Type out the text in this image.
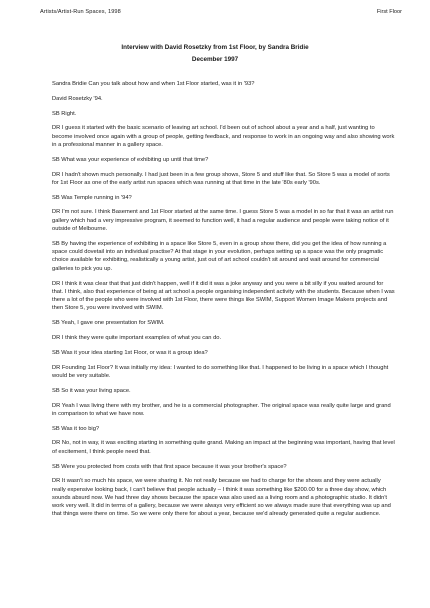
Artists/Artist-Run Spaces, 1998	First Floor
Interview with David Rosetzky from 1st Floor, by Sandra Bridie
December 1997

Sandra Bridie Can you talk about how and when 1st Floor started, was it in '93?

David Rosetzky '94.

SB Right.

DR I guess it started with the basic scenario of leaving art school. I'd been out of school about a year and a half, just wanting to become involved once again with a group of people, getting feedback, and response to work in an ongoing way and also showing work in a professional manner in a gallery space.

SB What was your experience of exhibiting up until that time?

DR I hadn't shown much personally. I had just been in a few group shows, Store 5 and stuff like that. So Store 5 was a model of sorts for 1st Floor as one of the early artist run spaces which was running at that time in the late '80s early '90s.

SB Was Temple running in '94?

DR I'm not sure. I think Basement and 1st Floor started at the same time. I guess Store 5 was a model in so far that it was an artist run gallery which had a very impressive program, it seemed to function well, it had a regular audience and people were taking notice of it outside of Melbourne.

SB By having the experience of exhibiting in a space like Store 5, even in a group show there, did you get the idea of how running a space could dovetail into an individual practise? At that stage in your evolution, perhaps setting up a space was the only pragmatic choice available for exhibiting, realistically a young artist, just out of art school couldn't sit around and wait around for commercial galleries to pick you up.

DR I think it was clear that that just didn't happen, well if it did it was a joke anyway and you were a bit silly if you waited around for that. I think, also that experience of being at art school a people organising independent activity with the students. Because when I was there a lot of the people who were involved with 1st Floor, there were things like SWIM, Support Women Image Makers projects and then Store 5, you were involved with SWIM.

SB Yeah, I gave one presentation for SWIM.

DR I think they were quite important examples of what you can do.

SB Was it your idea starting 1st Floor, or was it a group idea?

DR Founding 1st Floor? It was initially my idea: I wanted to do something like that. I happened to be living in a space which I thought would be very suitable.

SB So it was your living space.

DR Yeah I was living there with my brother, and he is a commercial photographer. The original space was really quite large and grand in comparison to what we have now.

SB Was it too big?

DR No, not in way, it was exciting starting in something quite grand. Making an impact at the beginning was important, having that level of excitement, I think people need that.

SB Were you protected from costs with that first space because it was your brother's space?

DR It wasn't so much his space, we were sharing it. No not really because we had to charge for the shows and they were actually really expensive looking back, I can't believe that people actually – I think it was something like $200.00 for a three day show, which sounds absurd now. We had three day shows because the space was also used as a living room and a photographic studio. It didn't work very well. It did in terms of a gallery, because we were always very efficient so we always made sure that everything was up and that things were there on time. So we were only there for about a year, because we'd already generated quite a regular audience.
